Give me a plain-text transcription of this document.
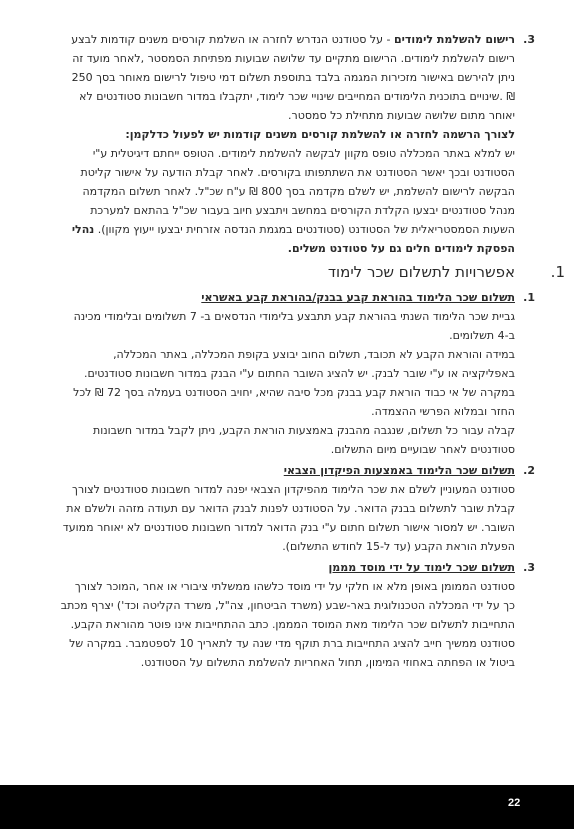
3.

רישום להשלמת לימודים - על סטודנט הנדרש לחזרה או השלמת קורסים משנים קודמות לבצע רישום להשלמת לימודים. הרישום מתקיים עד שלושה שבועות מפתיחת הסמסטר ,לאחר מועד זה ניתן להירשם באישור מזכירות המגמה בלבד בתוספת תשלום דמי טיפול לרישום מאוחר בסך 250 ₪ .שינויים בתוכנית הלימודים המחייבים שינויי שכר לימוד, יתקבלו במדור חשבונות סטודנטים לא יאוחר מתום שלושה שבועות מתחילת כל סמסטר.

לצורך הרשמה לחזרה או להשלמת קורסים משנים קודמות יש לפעול כדלקמן:

יש למלא באתר המכללה טופס מקוון לבקשה להשלמת לימודים. הטופס ייחתם דיגיטלית ע"י הסטודנט ובכך יאשר הסטודנט את השתתפותו בקורסים. לאחר קבלת הודעה על אישור קליטת הבקשה לרישום להשלמת, יש לשלם מקדמה בסך 800 ₪ ע"ח שכ"ל. לאחר תשלום המקדמה מנהל סטודנטים יבצעו הקלדת הקורסים במחשב ויתבצע חיוב בעבור שכ"ל בהתאם למערכת השעות הסמסטריאלית של הסטודנט (סטודנטים במגמת הנדסה אזרחית יבצעו ייעוץ מקוון). נהלי הפסקת לימודים חלים גם על סטודנט משלים.

1.
אפשרויות לתשלום שכר לימוד
1.

תשלום שכר הלימוד בהוראת קבע בבנק/בהוראת קבע באשראי

גביית שכר הלימוד השנתי בהוראת קבע תתבצע בלימודי הנדסאים ב- 7 תשלומים ובלימודי מכינה ב-4 תשלומים.

במידה והוראת הקבע לא תכובד, תשלום החוב יבוצע בקופת המכללה, באתר המכללה, באפליקציה או ע"י שובר לבנק. יש להציג השובר החתום ע"י הבנק במדור חשבונות סטודנטים.

במקרה של אי כבוד הוראת קבע בבנק מכל סיבה שהיא, יחויב הסטודנט בעמלה בסך 72 ₪ לכל החזר ובמלוא הפרשי ההצמדה.

קבלה עבור כל תשלום, שנגבה מהבנק באמצעות הוראת הקבע, ניתן לקבל במדור חשבונות סטודנטים לאחר שבועיים מיום התשלום.

2.

תשלום שכר הלימוד באמצעות הפיקדון הצבאי

סטודנט המעוניין לשלם את שכר הלימוד מהפיקדון הצבאי יפנה למדור חשבונות סטודנטים לצורך קבלת שובר לתשלום בבנק הדואר. על הסטודנט לפנות לבנק הדואר עם תעודה מזהה ולשלם את השובר. יש למסור אישור תשלום חתום ע"י בנק הדואר למדור חשבונות סטודנטים לא יאוחר ממועד הפעלת הוראת הקבע (עד ל-15 לחודש התשלום).

3.

תשלום שכר לימוד על ידי מוסד מממן

סטודנט הממומן באופן מלא או חלקי על ידי מוסד כלשהו ממשלתי ציבורי או אחר ,המוכר לצורך כך על ידי המכללה הטכנולוגית באר-שבע (משרד הביטחון, צה"ל, משרד הקליטה וכד') יצרף מכתב התחייבות לתשלום שכר הלימוד מאת המוסד המממן. כתב ההתחייבות אינו פוטר מהוראת הקבע. סטודנט ממשיך חייב להציג התחייבות ברת תוקף מדי שנה עד לתאריך 10 לספטמבר. במקרה של ביטול או הפחתה באחוזי המימון, תחול האחריות להשלמת התשלום על הסטודנט.

22
